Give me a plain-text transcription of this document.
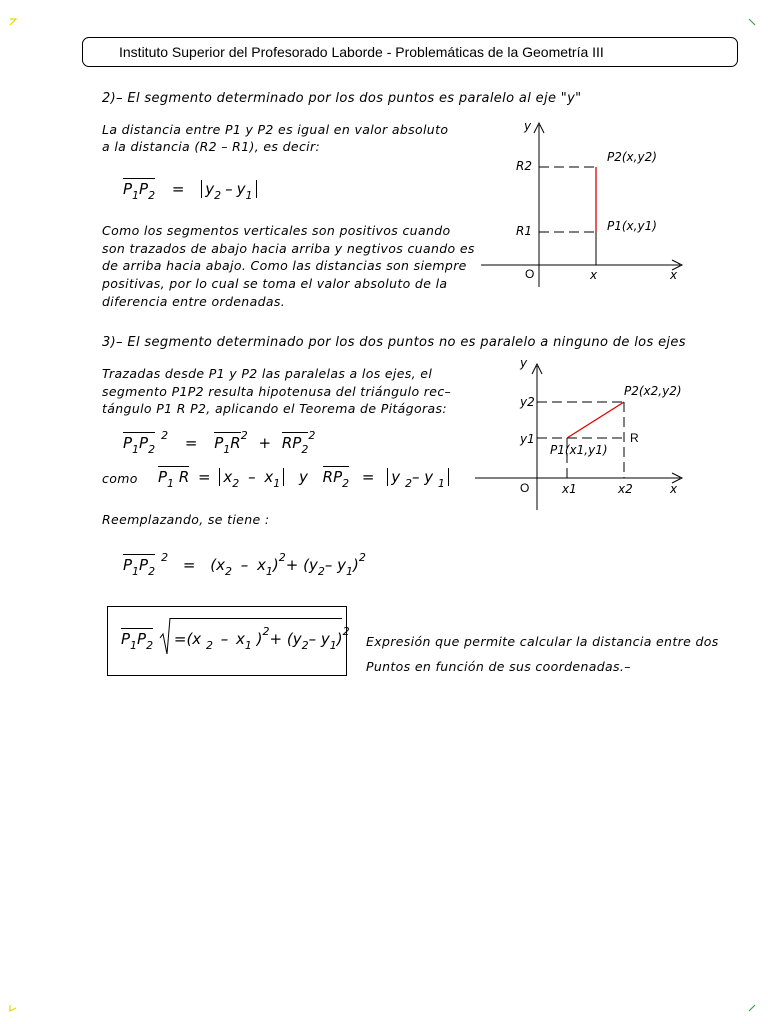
Instituto Superior del Profesorado Laborde - Problemáticas de la Geometría III
2)– El segmento determinado por los dos puntos es paralelo al eje "y"
La distancia entre P1 y P2 es igual en valor absoluto
a la distancia (R2 – R1), es decir:
$P_1P_2 = y_2 - y_1$
Como los segmentos verticales son positivos cuando
son trazados de abajo hacia arriba y negtivos cuando es
de arriba hacia abajo. Como las distancias son siempre
positivas, por lo cual se toma el valor absoluto de la
diferencia entre ordenadas.
y
R2
P2(x,y2)
R1	P1(x,y1)
O	x	x
3)– El segmento determinado por los dos puntos no es paralelo a ninguno de los ejes
Trazadas desde P1 y P2 las paralelas a los ejes, el
segmento P1P2 resulta hipotenusa del triángulo rec–
tángulo P1 R P2, aplicando el Teorema de Pitágoras:
$P_1P_2^2 = P_1R^2 + RP_2^2$
como $P_1$ $R = x_2 - x_1$ y $RP_2 = y$ $_2$– y $_1$
Reemplazando, se tiene :
$P_1P_2^2 = (x_2 - x_1)^2+ (y_2-$ $y_1)^2$
$P_1P_2 =(x$ $_2 - x_1$ )$^2+ (y_2-$ $y_1)^2$
Expresión que permite calcular la distancia entre dos
Puntos en función de sus coordenadas.–
y
y2
P2(x2,y2)
y1	R
P1(x1,y1)
O	x1	x2	x
